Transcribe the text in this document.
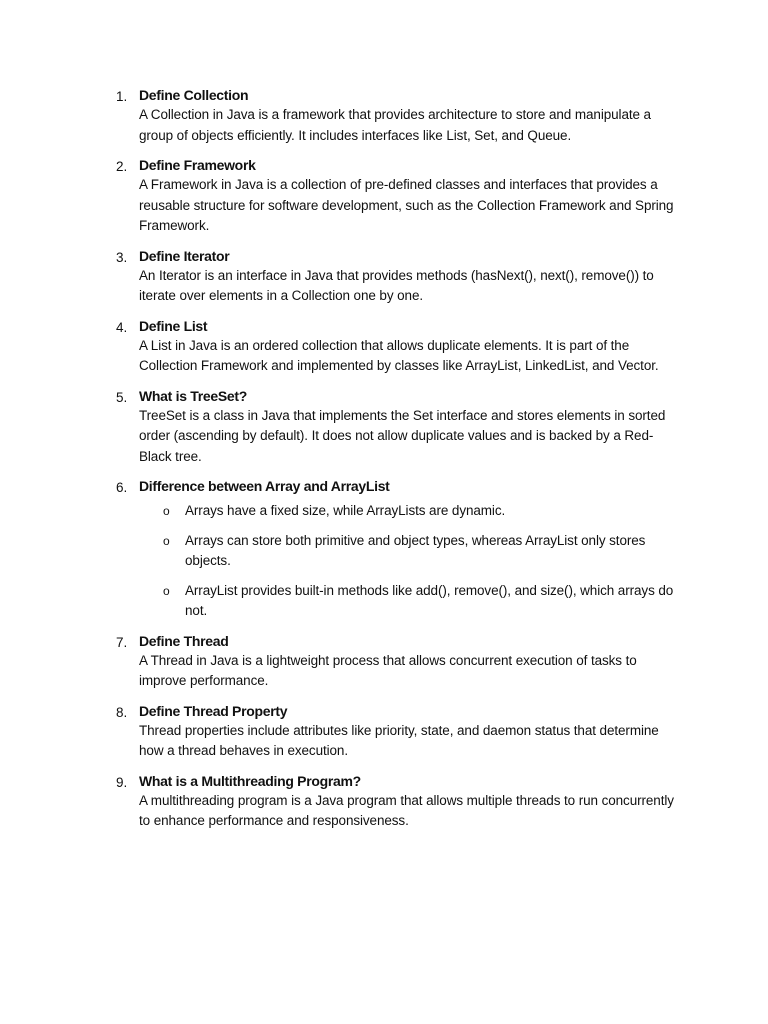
1. Define Collection
A Collection in Java is a framework that provides architecture to store and manipulate a group of objects efficiently. It includes interfaces like List, Set, and Queue.
2. Define Framework
A Framework in Java is a collection of pre-defined classes and interfaces that provides a reusable structure for software development, such as the Collection Framework and Spring Framework.
3. Define Iterator
An Iterator is an interface in Java that provides methods (hasNext(), next(), remove()) to iterate over elements in a Collection one by one.
4. Define List
A List in Java is an ordered collection that allows duplicate elements. It is part of the Collection Framework and implemented by classes like ArrayList, LinkedList, and Vector.
5. What is TreeSet?
TreeSet is a class in Java that implements the Set interface and stores elements in sorted order (ascending by default). It does not allow duplicate values and is backed by a Red-Black tree.
6. Difference between Array and ArrayList
o Arrays have a fixed size, while ArrayLists are dynamic.
o Arrays can store both primitive and object types, whereas ArrayList only stores objects.
o ArrayList provides built-in methods like add(), remove(), and size(), which arrays do not.
7. Define Thread
A Thread in Java is a lightweight process that allows concurrent execution of tasks to improve performance.
8. Define Thread Property
Thread properties include attributes like priority, state, and daemon status that determine how a thread behaves in execution.
9. What is a Multithreading Program?
A multithreading program is a Java program that allows multiple threads to run concurrently to enhance performance and responsiveness.
